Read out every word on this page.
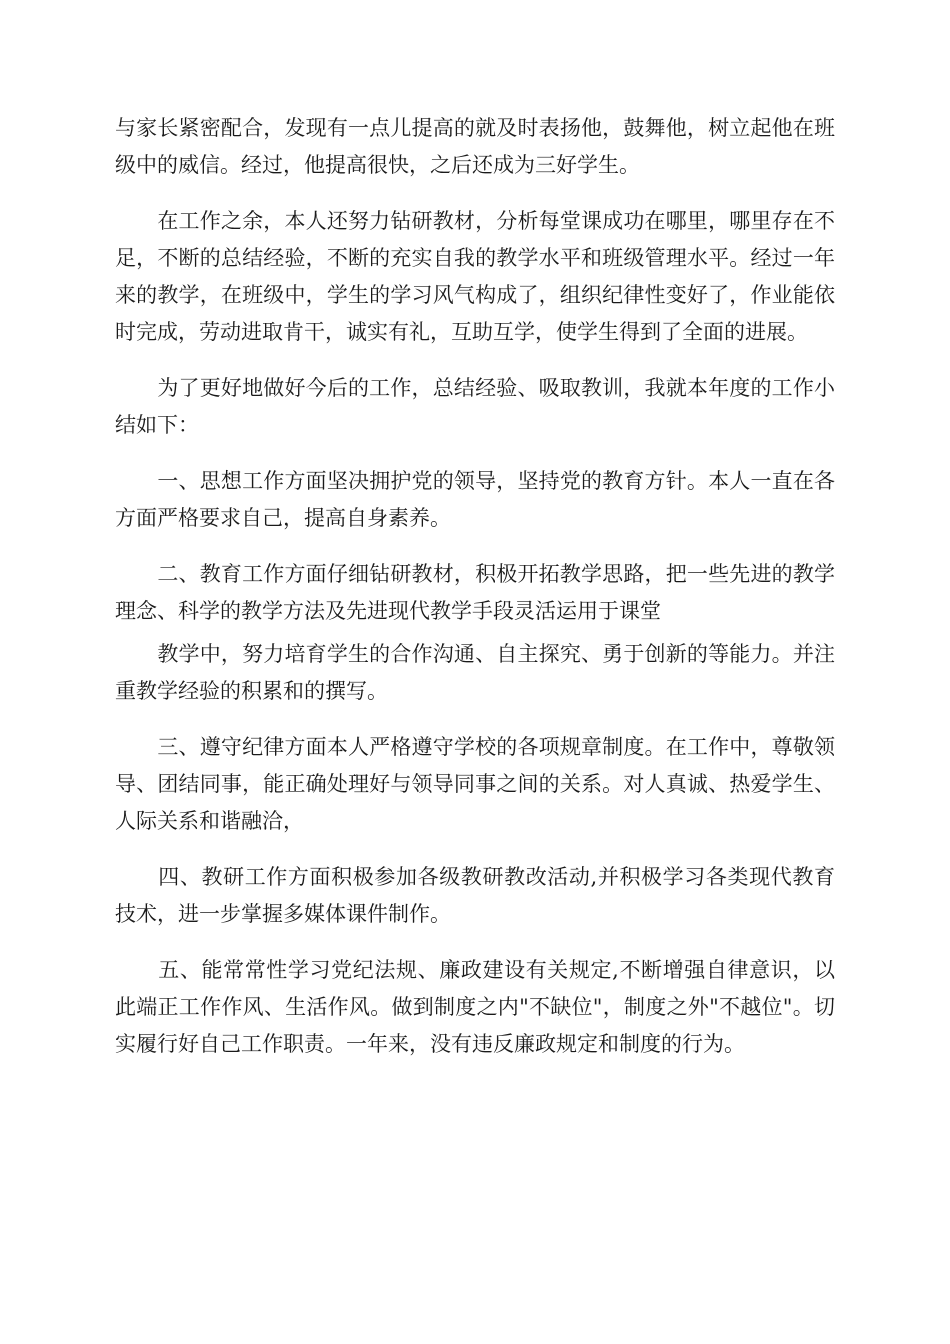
与家长紧密配合，发现有一点儿提高的就及时表扬他，鼓舞他，树立起他在班级中的威信。经过，他提高很快，之后还成为三好学生。

　　在工作之余，本人还努力钻研教材，分析每堂课成功在哪里，哪里存在不足，不断的总结经验，不断的充实自我的教学水平和班级管理水平。经过一年来的教学，在班级中，学生的学习风气构成了，组织纪律性变好了，作业能依时完成，劳动进取肯干，诚实有礼，互助互学，使学生得到了全面的进展。

　　为了更好地做好今后的工作，总结经验、吸取教训，我就本年度的工作小结如下：

　　一、思想工作方面坚决拥护党的领导，坚持党的教育方针。本人一直在各方面严格要求自己，提高自身素养。

　　二、教育工作方面仔细钻研教材，积极开拓教学思路，把一些先进的教学理念、科学的教学方法及先进现代教学手段灵活运用于课堂

　　教学中，努力培育学生的合作沟通、自主探究、勇于创新的等能力。并注重教学经验的积累和的撰写。

　　三、遵守纪律方面本人严格遵守学校的各项规章制度。在工作中，尊敬领导、团结同事，能正确处理好与领导同事之间的关系。对人真诚、热爱学生、人际关系和谐融洽，

　　四、教研工作方面积极参加各级教研教改活动,并积极学习各类现代教育技术，进一步掌握多媒体课件制作。

　　五、能常常性学习党纪法规、廉政建设有关规定,不断增强自律意识，以此端正工作作风、生活作风。做到制度之内"不缺位"，制度之外"不越位"。切实履行好自己工作职责。一年来，没有违反廉政规定和制度的行为。
